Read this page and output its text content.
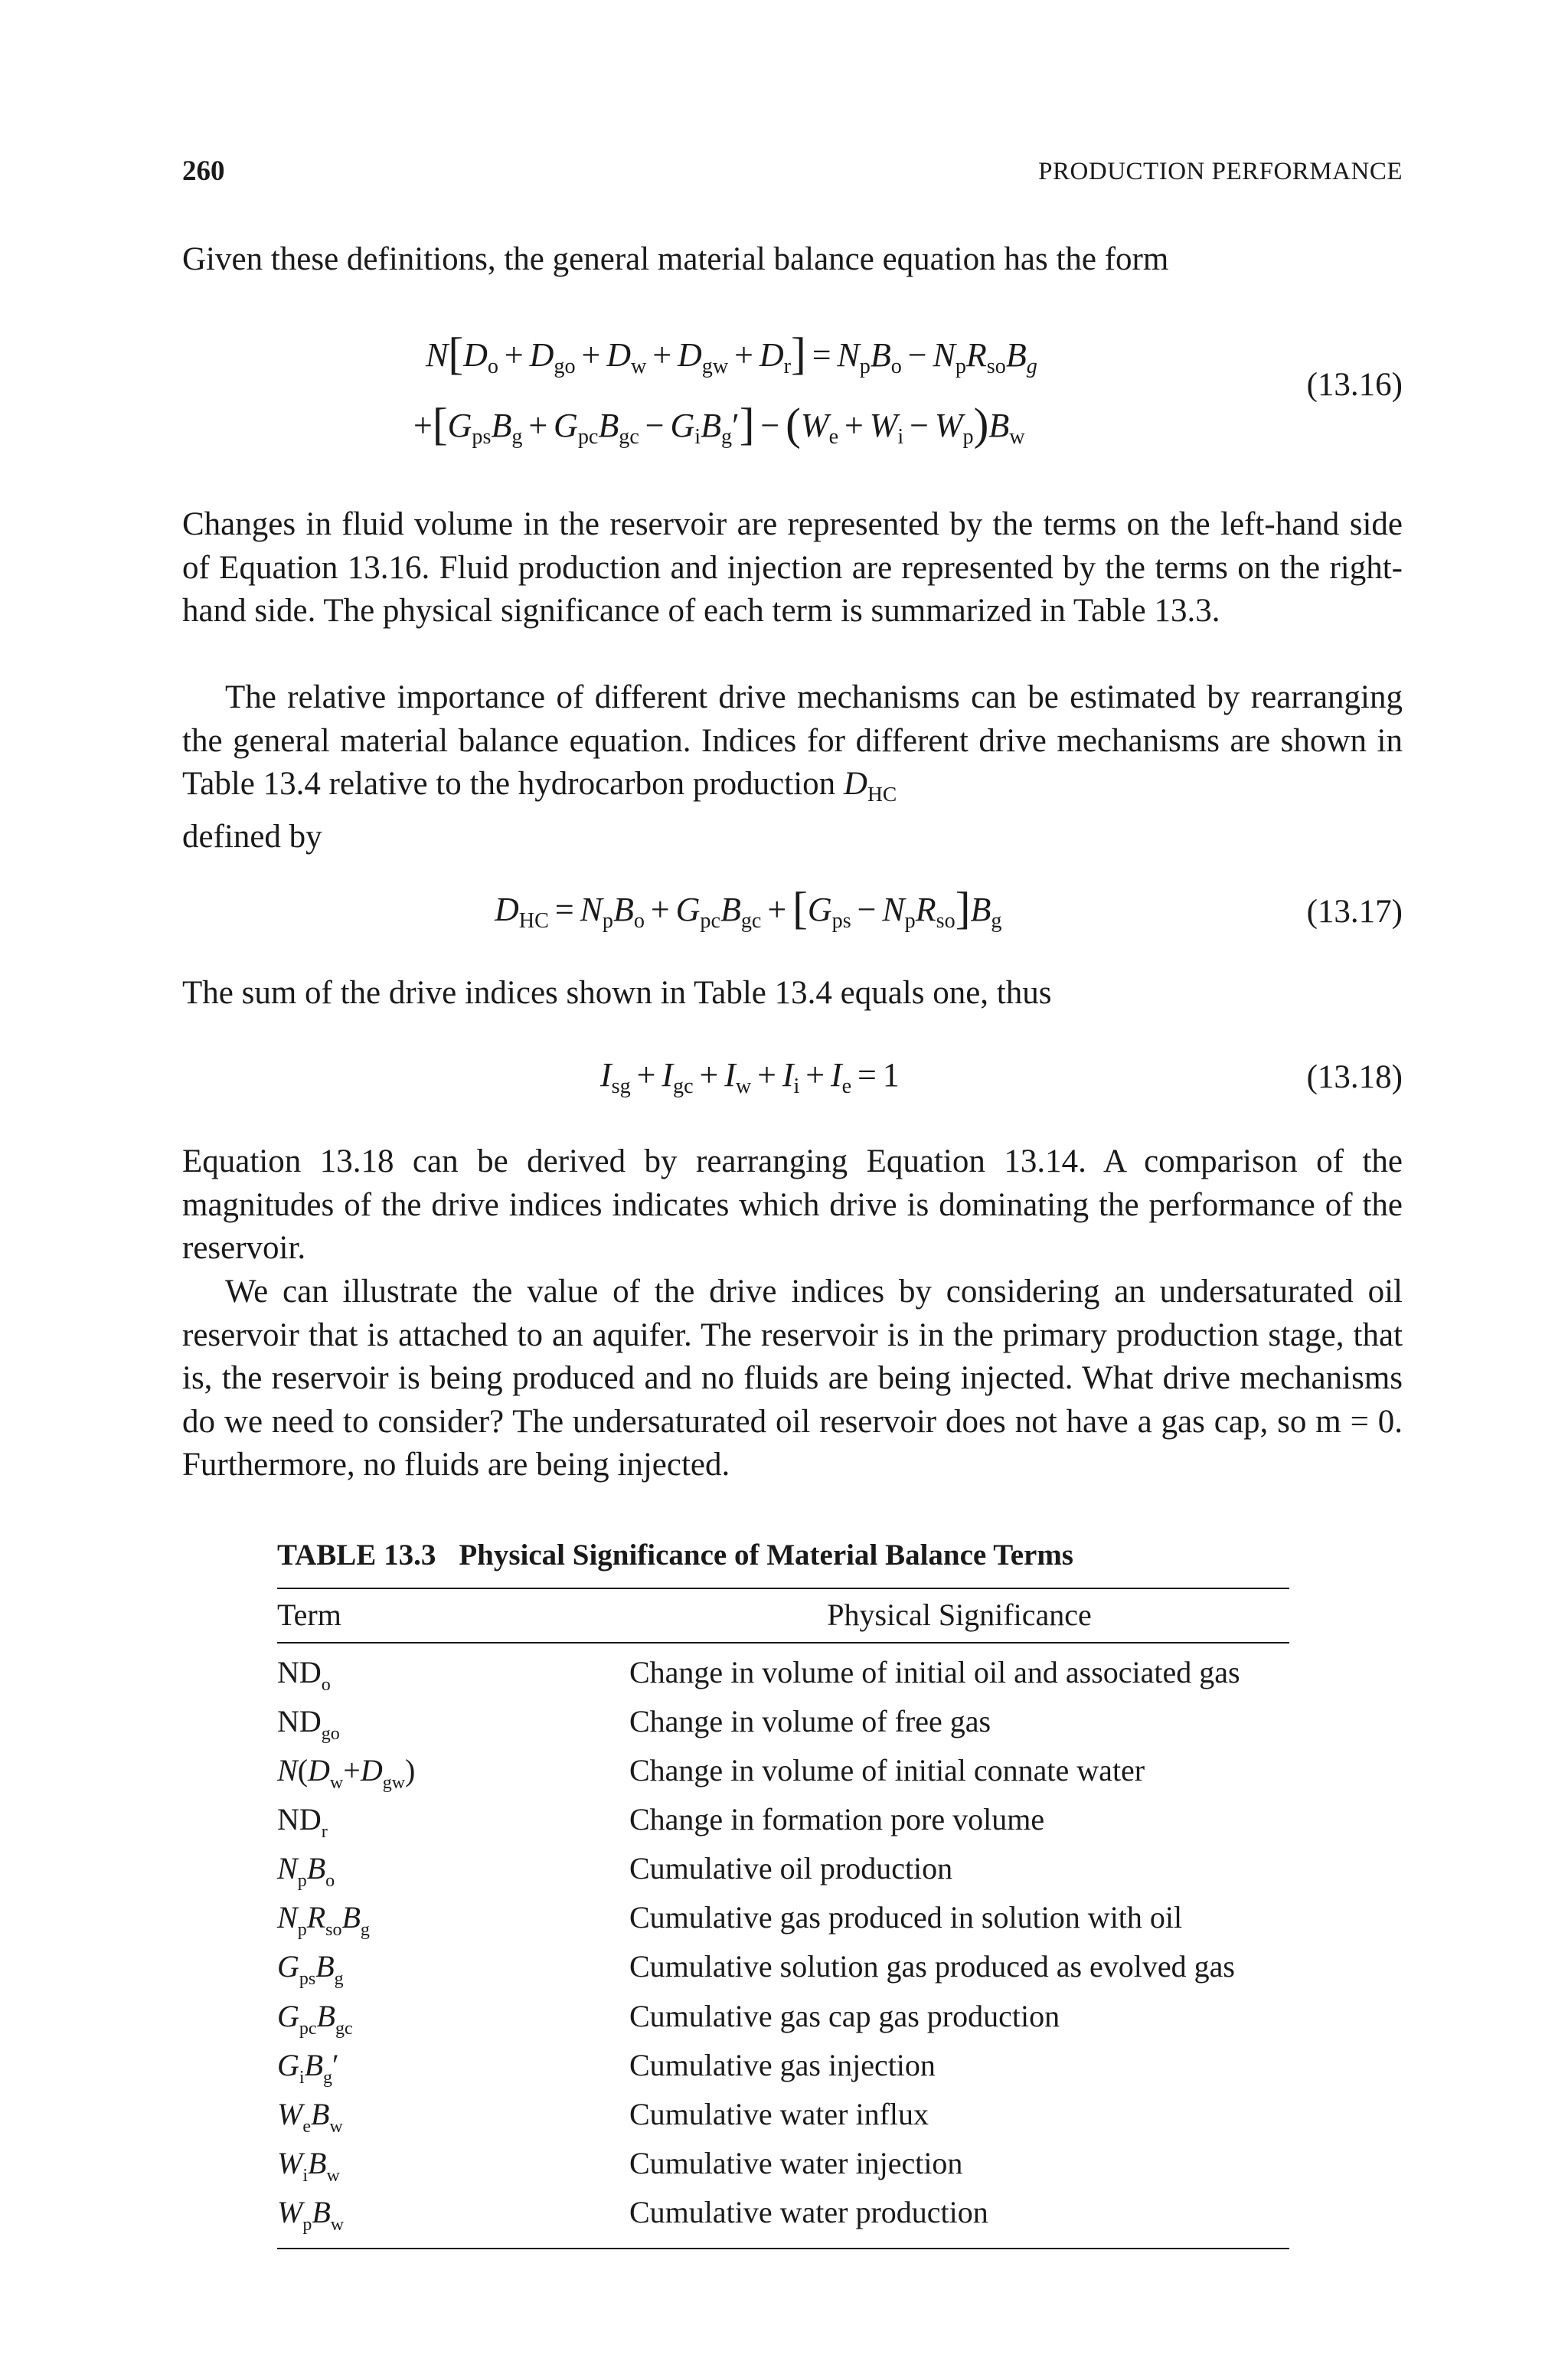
260	PRODUCTION PERFORMANCE

Given these definitions, the general material balance equation has the form

$N[D_o + D_{go} + D_w + D_{gw} + D_r] = N_pB_o - N_pR_{so}B_g$
(13.16)
$+[G_{ps}B_g + G_{pc}B_{gc} - G_iB_g'] - (W_e + W_i - W_p)B_w$

Changes in fluid volume in the reservoir are represented by the terms on the left-hand side of Equation 13.16. Fluid production and injection are represented by the terms on the right-hand side. The physical significance of each term is summarized in Table 13.3.

The relative importance of different drive mechanisms can be estimated by rearranging the general material balance equation. Indices for different drive mechanisms are shown in Table 13.4 relative to the hydrocarbon production $D_{HC}$
defined by

$D_{HC} = N_pB_o + G_{pc}B_{gc} + [G_{ps} - N_pR_{so}]B_g$	(13.17)

The sum of the drive indices shown in Table 13.4 equals one, thus

$I_{sg} + I_{gc} + I_w + I_i + I_e = 1$	(13.18)

Equation 13.18 can be derived by rearranging Equation 13.14. A comparison of the magnitudes of the drive indices indicates which drive is dominating the performance of the reservoir.

We can illustrate the value of the drive indices by considering an undersaturated oil reservoir that is attached to an aquifer. The reservoir is in the primary production stage, that is, the reservoir is being produced and no fluids are being injected. What drive mechanisms do we need to consider? The undersaturated oil reservoir does not have a gas cap, so m = 0. Furthermore, no fluids are being injected.

TABLE 13.3 Physical Significance of Material Balance Terms

Term	Physical Significance
$ND_o$	Change in volume of initial oil and associated gas
$ND_{go}$	Change in volume of free gas
$N(D_w+D_{gw})$	Change in volume of initial connate water
$ND_r$	Change in formation pore volume
$N_pB_o$	Cumulative oil production
$N_pR_{so}B_g$	Cumulative gas produced in solution with oil
$G_{ps}B_g$	Cumulative solution gas produced as evolved gas
$G_{pc}B_{gc}$	Cumulative gas cap gas production
$G_iB_g'$	Cumulative gas injection
$W_eB_w$	Cumulative water influx
$W_iB_w$	Cumulative water injection
$W_pB_w$	Cumulative water production
